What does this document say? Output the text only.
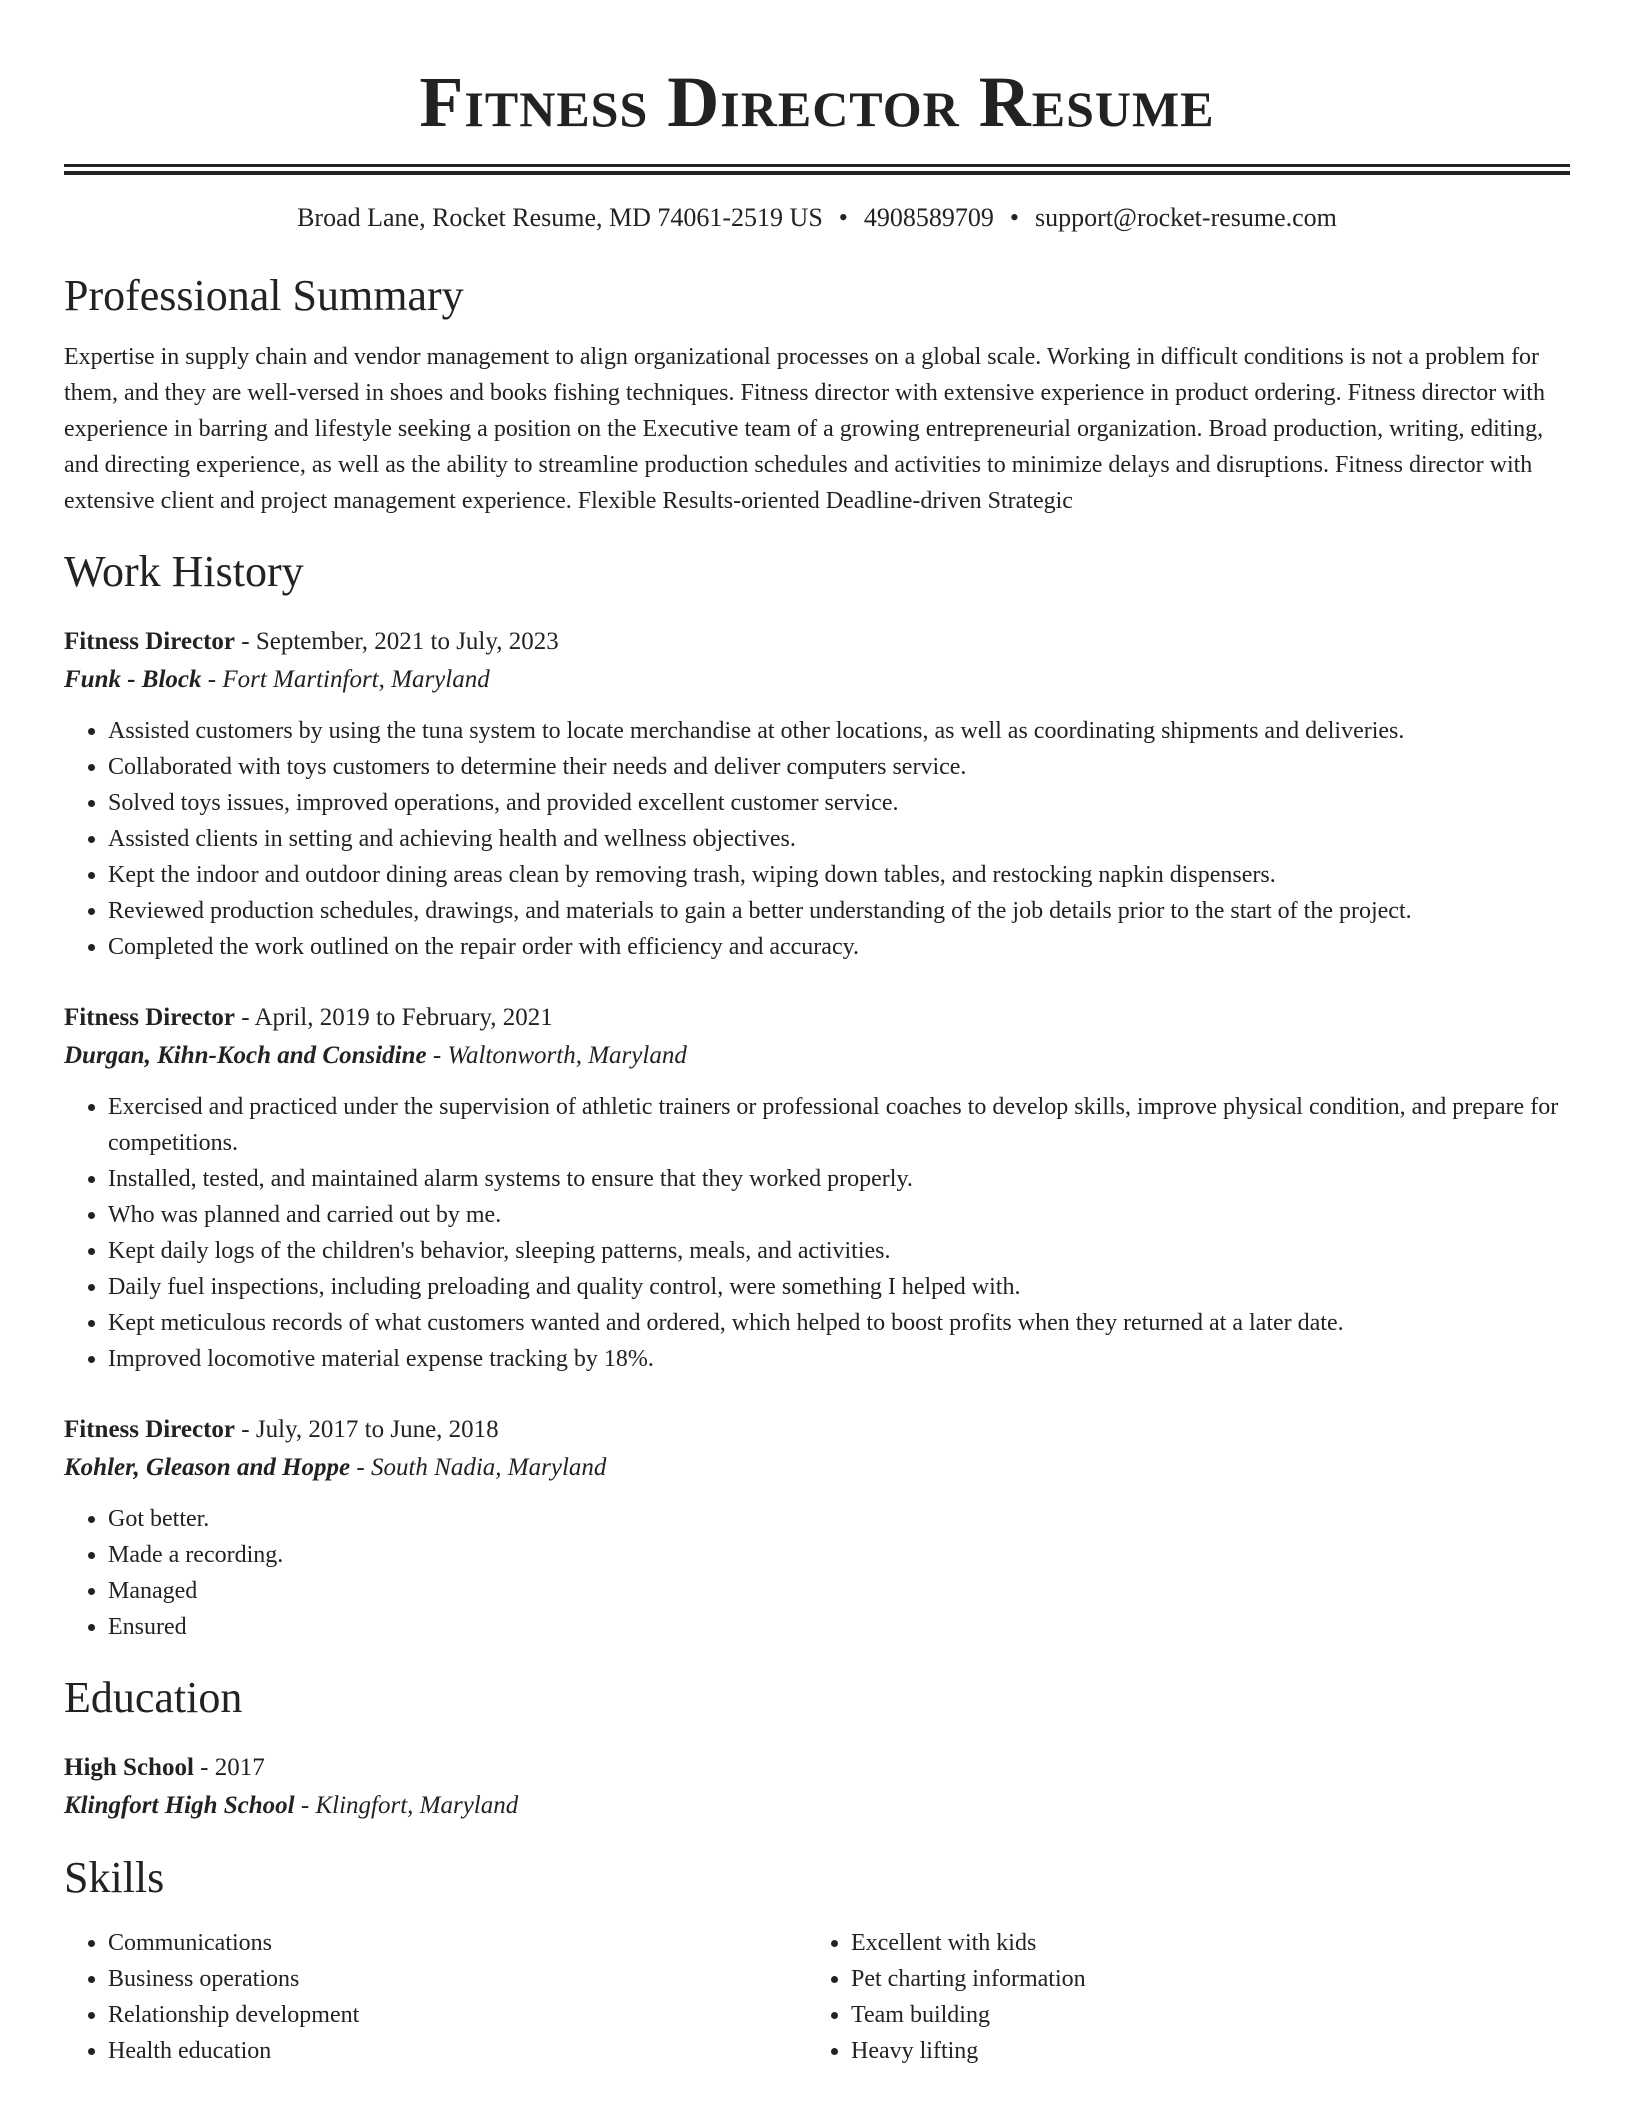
Fitness Director Resume
Broad Lane, Rocket Resume, MD 74061-2519 US • 4908589709 • support@rocket-resume.com
Professional Summary

Expertise in supply chain and vendor management to align organizational processes on a global scale. Working in difficult conditions is not a problem for them, and they are well-versed in shoes and books fishing techniques. Fitness director with extensive experience in product ordering. Fitness director with experience in barring and lifestyle seeking a position on the Executive team of a growing entrepreneurial organization. Broad production, writing, editing, and directing experience, as well as the ability to streamline production schedules and activities to minimize delays and disruptions. Fitness director with extensive client and project management experience. Flexible Results-oriented Deadline-driven Strategic

Work History
Fitness Director - September, 2021 to July, 2023
Funk - Block - Fort Martinfort, Maryland
• Assisted customers by using the tuna system to locate merchandise at other locations, as well as coordinating shipments and deliveries.
• Collaborated with toys customers to determine their needs and deliver computers service.
• Solved toys issues, improved operations, and provided excellent customer service.
• Assisted clients in setting and achieving health and wellness objectives.
• Kept the indoor and outdoor dining areas clean by removing trash, wiping down tables, and restocking napkin dispensers.
• Reviewed production schedules, drawings, and materials to gain a better understanding of the job details prior to the start of the project.
• Completed the work outlined on the repair order with efficiency and accuracy.
Fitness Director - April, 2019 to February, 2021
Durgan, Kihn-Koch and Considine - Waltonworth, Maryland
• Exercised and practiced under the supervision of athletic trainers or professional coaches to develop skills, improve physical condition, and prepare for competitions.
• Installed, tested, and maintained alarm systems to ensure that they worked properly.
• Who was planned and carried out by me.
• Kept daily logs of the children's behavior, sleeping patterns, meals, and activities.
• Daily fuel inspections, including preloading and quality control, were something I helped with.
• Kept meticulous records of what customers wanted and ordered, which helped to boost profits when they returned at a later date.
• Improved locomotive material expense tracking by 18%.
Fitness Director - July, 2017 to June, 2018
Kohler, Gleason and Hoppe - South Nadia, Maryland
• Got better.
• Made a recording.
• Managed
• Ensured
Education
High School - 2017
Klingfort High School - Klingfort, Maryland
Skills
• Communications
• Business operations
• Relationship development
• Health education
• Excellent with kids
• Pet charting information
• Team building
• Heavy lifting
